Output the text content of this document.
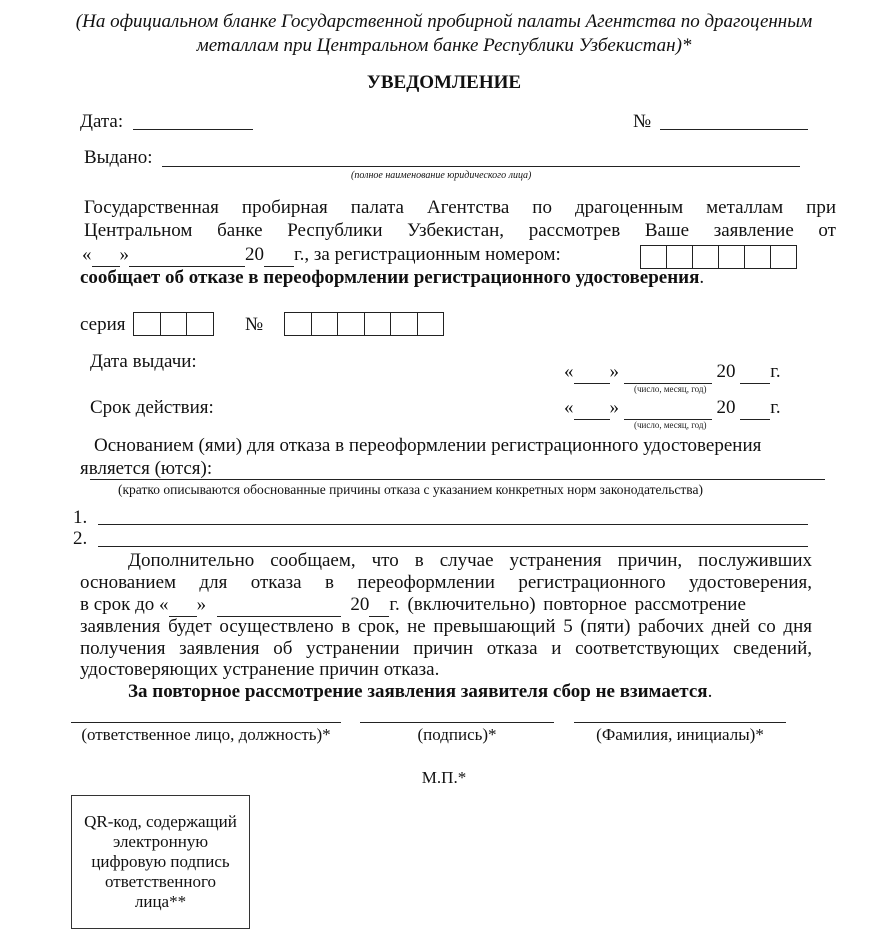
(На официальном бланке Государственной пробирной палаты Агентства по драгоценным
металлам при Центральном банке Республики Узбекистан)*
УВЕДОМЛЕНИЕ
Дата:	№
Выдано:
(полное наименование юридического лица)
Государственная пробирная палата Агентства по драгоценным металлам при
Центральном банке Республики Узбекистан, рассмотрев Ваше заявление от
« »	20 г., за регистрационным номером:
сообщает об отказе в переоформлении регистрационного удостоверения.
серия	№
Дата выдачи:	« »	20 г.
(число, месяц, год)
Срок действия:	« »	20 г.
(число, месяц, год)
Основанием (ями) для отказа в переоформлении регистрационного удостоверения
является (ются):
(кратко описываются обоснованные причины отказа с указанием конкретных норм законодательства)
1.
2.
Дополнительно сообщаем, что в случае устранения причин, послуживших
основанием для отказа в переоформлении регистрационного удостоверения,
в срок до « »	20 г. (включительно) повторное рассмотрение
заявления будет осуществлено в срок, не превышающий 5 (пяти) рабочих дней со дня
получения заявления об устранении причин отказа и соответствующих сведений,
удостоверяющих устранение причин отказа.
За повторное рассмотрение заявления заявителя сбор не взимается.
(ответственное лицо, должность)*	(подпись)*	(Фамилия, инициалы)*
М.П.*
QR-код, содержащий электронную цифровую подпись ответственного лица**
